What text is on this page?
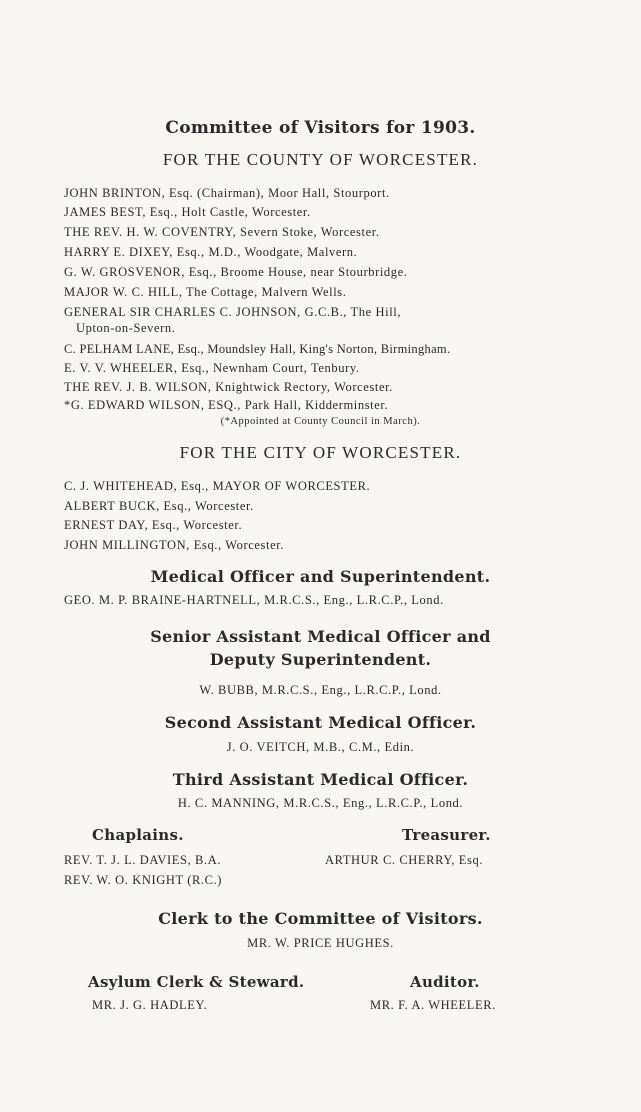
Committee of Visitors for 1903.
FOR THE COUNTY OF WORCESTER.
JOHN BRINTON, Esq. (Chairman), Moor Hall, Stourport.
JAMES BEST, Esq., Holt Castle, Worcester.
THE REV. H. W. COVENTRY, Severn Stoke, Worcester.
HARRY E. DIXEY, Esq., M.D., Woodgate, Malvern.
G. W. GROSVENOR, Esq., Broome House, near Stourbridge.
MAJOR W. C. HILL, The Cottage, Malvern Wells.
GENERAL SIR CHARLES C. JOHNSON, G.C.B., The Hill,
Upton-on-Severn.
C. PELHAM LANE, Esq., Moundsley Hall, King's Norton, Birmingham.
E. V. V. WHEELER, Esq., Newnham Court, Tenbury.
THE REV. J. B. WILSON, Knightwick Rectory, Worcester.
*G. EDWARD WILSON, ESQ., Park Hall, Kidderminster.
(*Appointed at County Council in March).
FOR THE CITY OF WORCESTER.
C. J. WHITEHEAD, Esq., MAYOR OF WORCESTER.
ALBERT BUCK, Esq., Worcester.
ERNEST DAY, Esq., Worcester.
JOHN MILLINGTON, Esq., Worcester.
Medical Officer and Superintendent.
GEO. M. P. BRAINE-HARTNELL, M.R.C.S., Eng., L.R.C.P., Lond.
Senior Assistant Medical Officer and
Deputy Superintendent.
W. BUBB, M.R.C.S., Eng., L.R.C.P., Lond.
Second Assistant Medical Officer.
J. O. VEITCH, M.B., C.M., Edin.
Third Assistant Medical Officer.
H. C. MANNING, M.R.C.S., Eng., L.R.C.P., Lond.
Chaplains.
REV. T. J. L. DAVIES, B.A.
REV. W. O. KNIGHT (R.C.)
Treasurer.
ARTHUR C. CHERRY, Esq.
Clerk to the Committee of Visitors.
MR. W. PRICE HUGHES.
Asylum Clerk & Steward.
MR. J. G. HADLEY.
Auditor.
MR. F. A. WHEELER.
